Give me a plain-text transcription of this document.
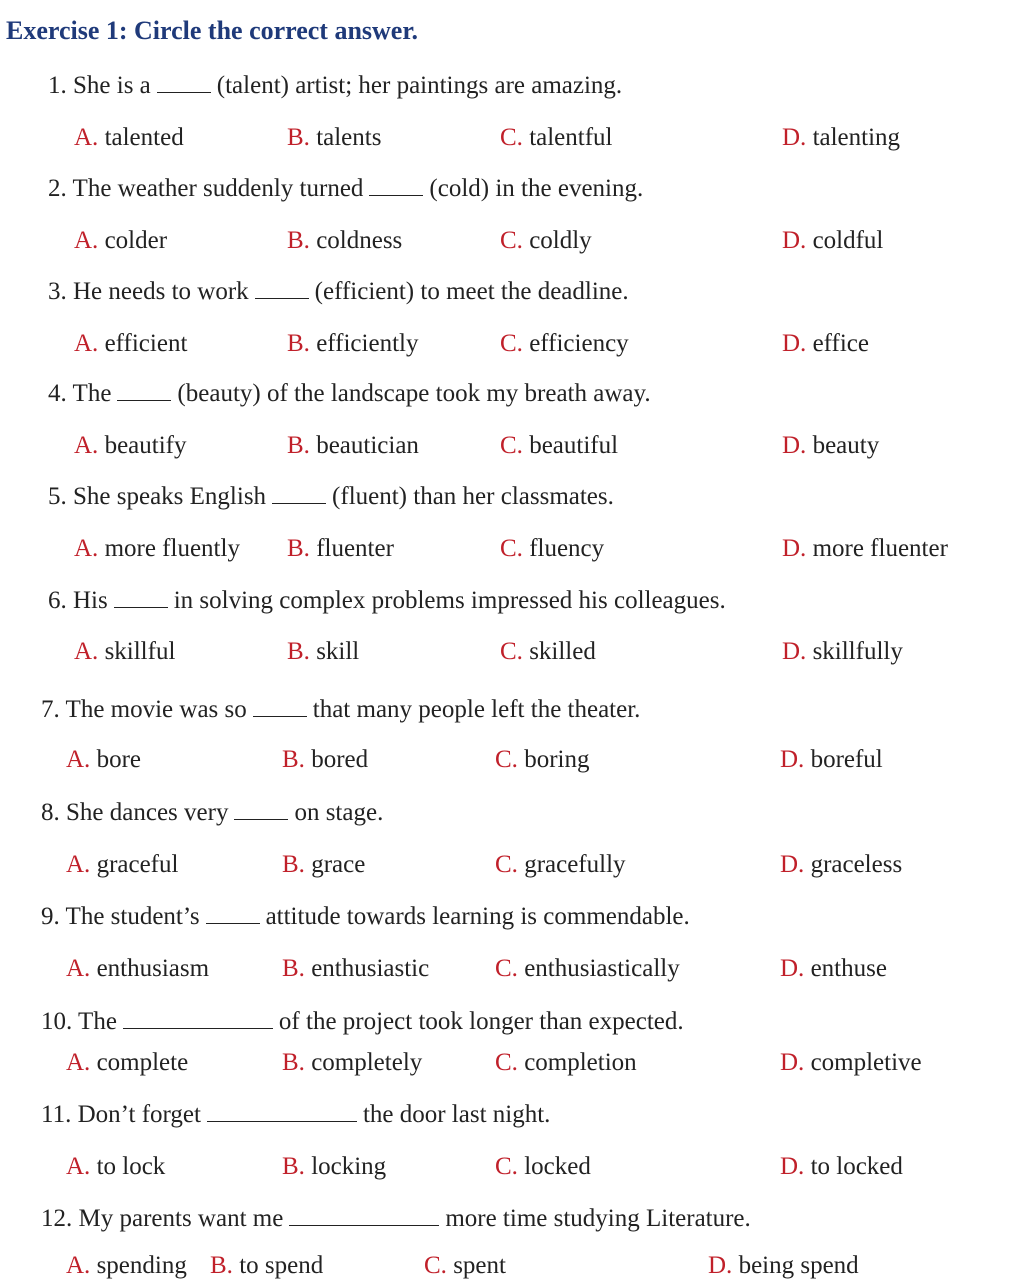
Exercise 1: Circle the correct answer.
1. She is a	(talent) artist; her paintings are amazing.
A. talented	B. talents	C. talentful	D. talenting
2. The weather suddenly turned	(cold) in the evening.
A. colder	B. coldness	C. coldly	D. coldful
3. He needs to work	(efficient) to meet the deadline.
A. efficient	B. efficiently	C. efficiency	D. effice
4. The	(beauty) of the landscape took my breath away.
A. beautify	B. beautician	C. beautiful	D. beauty
5. She speaks English	(fluent) than her classmates.
A. more fluently B. fluenter	C. fluency	D. more fluenter
6. His	in solving complex problems impressed his colleagues.
A. skillful	B. skill	C. skilled	D. skillfully
7. The movie was so	that many people left the theater.
A. bore	B. bored	C. boring	D. boreful
8. She dances very	on stage.
A. graceful	B. grace	C. gracefully	D. graceless
9. The student’s	attitude towards learning is commendable.
A. enthusiasm	B. enthusiastic	C. enthusiastically	D. enthuse
10. The	of the project took longer than expected.
A. complete	B. completely	C. completion	D. completive
11. Don’t forget	the door last night.
A. to lock	B. locking	C. locked	D. to locked
12. My parents want me	more time studying Literature.
A. spending B. to spend	C. spent	D. being spend
